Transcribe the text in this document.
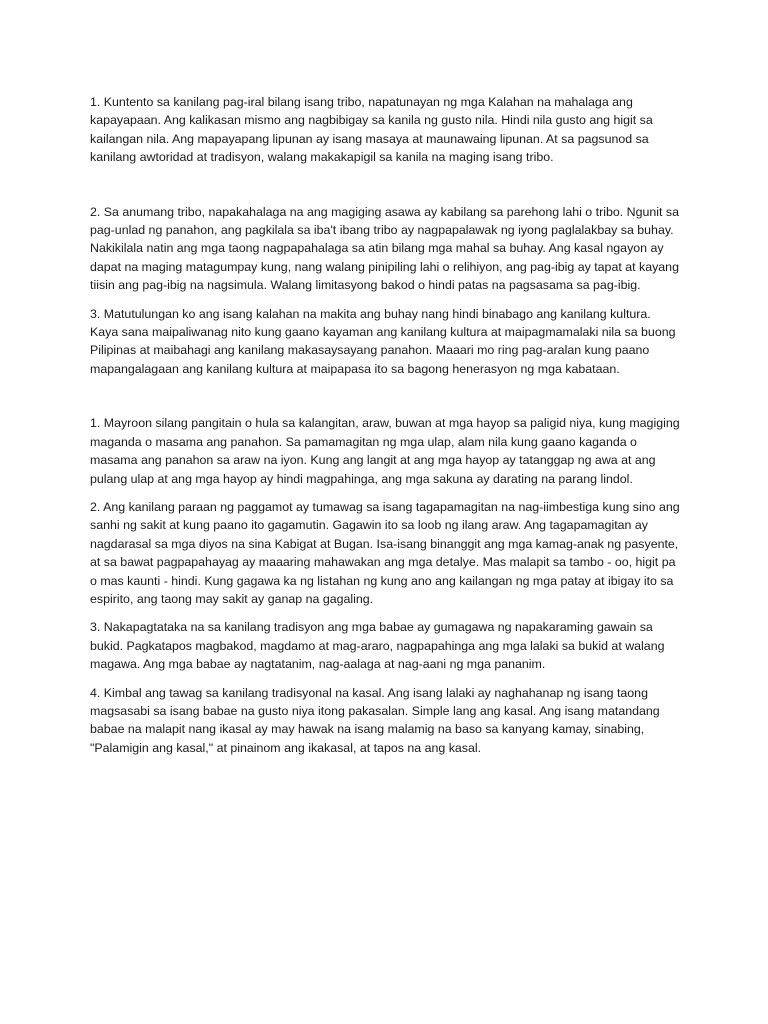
1. Kuntento sa kanilang pag-iral bilang isang tribo, napatunayan ng mga Kalahan na mahalaga ang kapayapaan. Ang kalikasan mismo ang nagbibigay sa kanila ng gusto nila. Hindi nila gusto ang higit sa kailangan nila. Ang mapayapang lipunan ay isang masaya at maunawaing lipunan. At sa pagsunod sa kanilang awtoridad at tradisyon, walang makakapigil sa kanila na maging isang tribo.

2. Sa anumang tribo, napakahalaga na ang magiging asawa ay kabilang sa parehong lahi o tribo. Ngunit sa pag-unlad ng panahon, ang pagkilala sa iba't ibang tribo ay nagpapalawak ng iyong paglalakbay sa buhay. Nakikilala natin ang mga taong nagpapahalaga sa atin bilang mga mahal sa buhay. Ang kasal ngayon ay dapat na maging matagumpay kung, nang walang pinipiling lahi o relihiyon, ang pag-ibig ay tapat at kayang tiisin ang pag-ibig na nagsimula. Walang limitasyong bakod o hindi patas na pagsasama sa pag-ibig.

3. Matutulungan ko ang isang kalahan na makita ang buhay nang hindi binabago ang kanilang kultura. Kaya sana maipaliwanag nito kung gaano kayaman ang kanilang kultura at maipagmamalaki nila sa buong Pilipinas at maibahagi ang kanilang makasaysayang panahon. Maaari mo ring pag-aralan kung paano mapangalagaan ang kanilang kultura at maipapasa ito sa bagong henerasyon ng mga kabataan.

1. Mayroon silang pangitain o hula sa kalangitan, araw, buwan at mga hayop sa paligid niya, kung magiging maganda o masama ang panahon. Sa pamamagitan ng mga ulap, alam nila kung gaano kaganda o masama ang panahon sa araw na iyon. Kung ang langit at ang mga hayop ay tatanggap ng awa at ang pulang ulap at ang mga hayop ay hindi magpahinga, ang mga sakuna ay darating na parang lindol.

2. Ang kanilang paraan ng paggamot ay tumawag sa isang tagapamagitan na nag-iimbestiga kung sino ang sanhi ng sakit at kung paano ito gagamutin. Gagawin ito sa loob ng ilang araw. Ang tagapamagitan ay nagdarasal sa mga diyos na sina Kabigat at Bugan. Isa-isang binanggit ang mga kamag-anak ng pasyente, at sa bawat pagpapahayag ay maaaring mahawakan ang mga detalye. Mas malapit sa tambo - oo, higit pa o mas kaunti - hindi. Kung gagawa ka ng listahan ng kung ano ang kailangan ng mga patay at ibigay ito sa espirito, ang taong may sakit ay ganap na gagaling.

3. Nakapagtataka na sa kanilang tradisyon ang mga babae ay gumagawa ng napakaraming gawain sa bukid. Pagkatapos magbakod, magdamo at mag-araro, nagpapahinga ang mga lalaki sa bukid at walang magawa. Ang mga babae ay nagtatanim, nag-aalaga at nag-aani ng mga pananim.

4. Kimbal ang tawag sa kanilang tradisyonal na kasal. Ang isang lalaki ay naghahanap ng isang taong magsasabi sa isang babae na gusto niya itong pakasalan. Simple lang ang kasal. Ang isang matandang babae na malapit nang ikasal ay may hawak na isang malamig na baso sa kanyang kamay, sinabing, "Palamigin ang kasal," at pinainom ang ikakasal, at tapos na ang kasal.
